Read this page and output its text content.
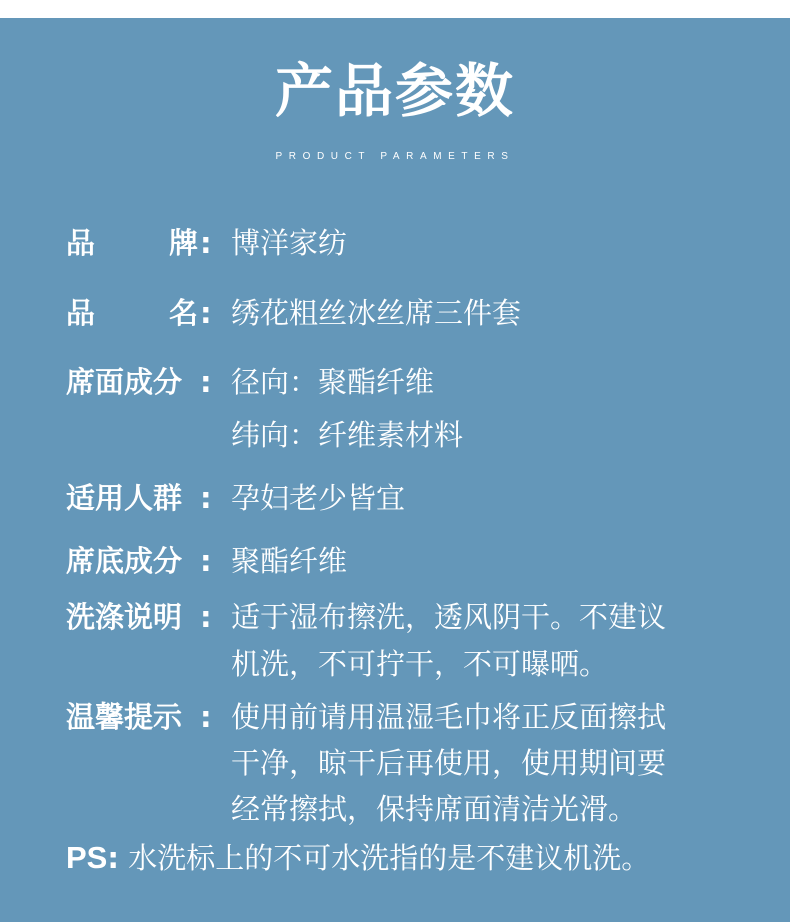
产品参数
PRODUCT PARAMETERS
品	牌 : 博洋家纺
品	名 : 绣花粗丝冰丝席三件套
席面成分 : 径向：聚酯纤维
纬向：纤维素材料
适用人群 : 孕妇老少皆宜
席底成分 : 聚酯纤维
洗涤说明 : 适于湿布擦洗，透风阴干。不建议
机洗，不可拧干，不可曝晒。
温馨提示 : 使用前请用温湿毛巾将正反面擦拭
干净，晾干后再使用，使用期间要
经常擦拭，保持席面清洁光滑。
PS: 水洗标上的不可水洗指的是不建议机洗。
